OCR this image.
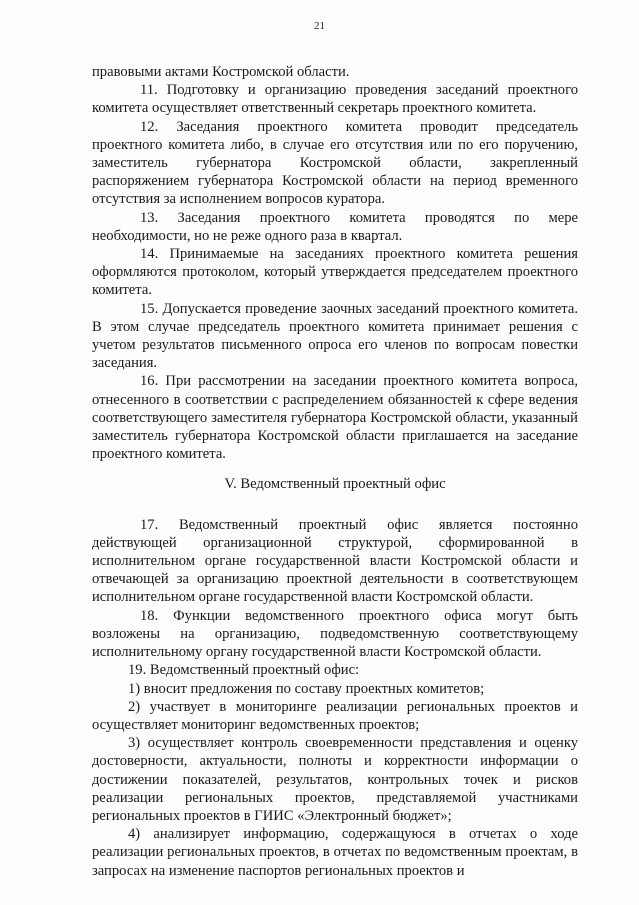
21

правовыми актами Костромской области.

11. Подготовку и организацию проведения заседаний проектного комитета осуществляет ответственный секретарь проектного комитета.

12. Заседания проектного комитета проводит председатель проектного комитета либо, в случае его отсутствия или по его поручению, заместитель губернатора Костромской области, закрепленный распоряжением губернатора Костромской области на период временного отсутствия за исполнением вопросов куратора.

13. Заседания проектного комитета проводятся по мере необходимости, но не реже одного раза в квартал.

14. Принимаемые на заседаниях проектного комитета решения оформляются протоколом, который утверждается председателем проектного комитета.

15. Допускается проведение заочных заседаний проектного комитета. В этом случае председатель проектного комитета принимает решения с учетом результатов письменного опроса его членов по вопросам повестки заседания.

16. При рассмотрении на заседании проектного комитета вопроса, отнесенного в соответствии с распределением обязанностей к сфере ведения соответствующего заместителя губернатора Костромской области, указанный заместитель губернатора Костромской области приглашается на заседание проектного комитета.

V. Ведомственный проектный офис

17. Ведомственный проектный офис является постоянно действующей организационной структурой, сформированной в исполнительном органе государственной власти Костромской области и отвечающей за организацию проектной деятельности в соответствующем исполнительном органе государственной власти Костромской области.

18. Функции ведомственного проектного офиса могут быть возложены на организацию, подведомственную соответствующему исполнительному органу государственной власти Костромской области.

19. Ведомственный проектный офис:

1) вносит предложения по составу проектных комитетов;

2) участвует в мониторинге реализации региональных проектов и осуществляет мониторинг ведомственных проектов;

3) осуществляет контроль своевременности представления и оценку достоверности, актуальности, полноты и корректности информации о достижении показателей, результатов, контрольных точек и рисков реализации региональных проектов, представляемой участниками региональных проектов в ГИИС «Электронный бюджет»;

4) анализирует информацию, содержащуюся в отчетах о ходе реализации региональных проектов, в отчетах по ведомственным проектам, в запросах на изменение паспортов региональных проектов и
